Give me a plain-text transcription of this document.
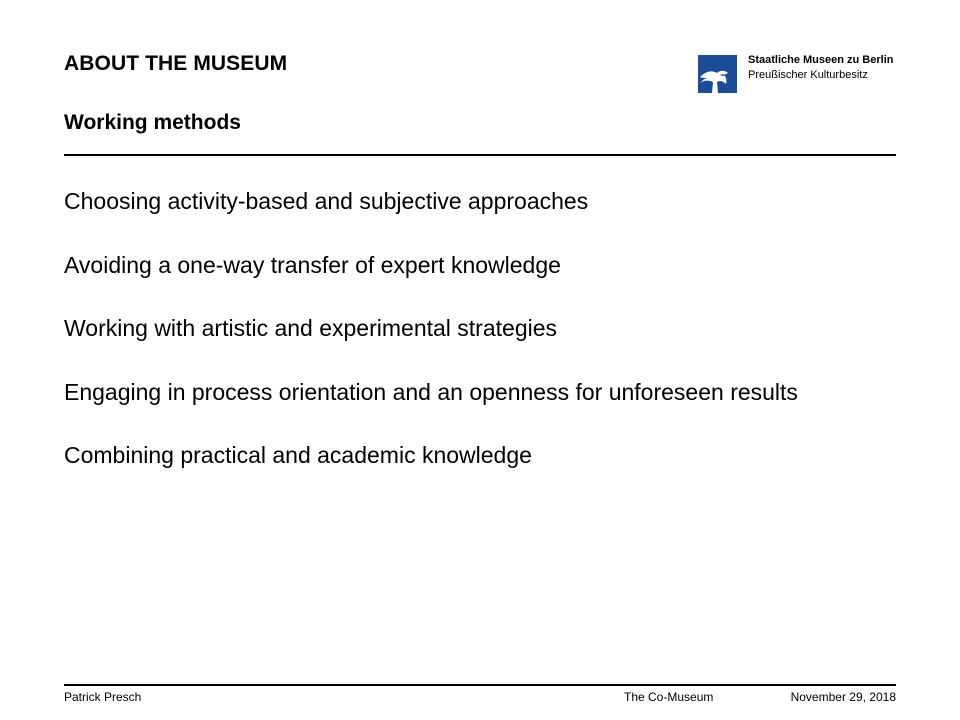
ABOUT THE MUSEUM
Working methods
Staatliche Museen zu Berlin
Preußischer Kulturbesitz
Choosing activity-based and subjective approaches
Avoiding a one-way transfer of expert knowledge
Working with artistic and experimental strategies
Engaging in process orientation and an openness for unforeseen results
Combining practical and academic knowledge
Patrick Presch	The Co-Museum	November 29, 2018
